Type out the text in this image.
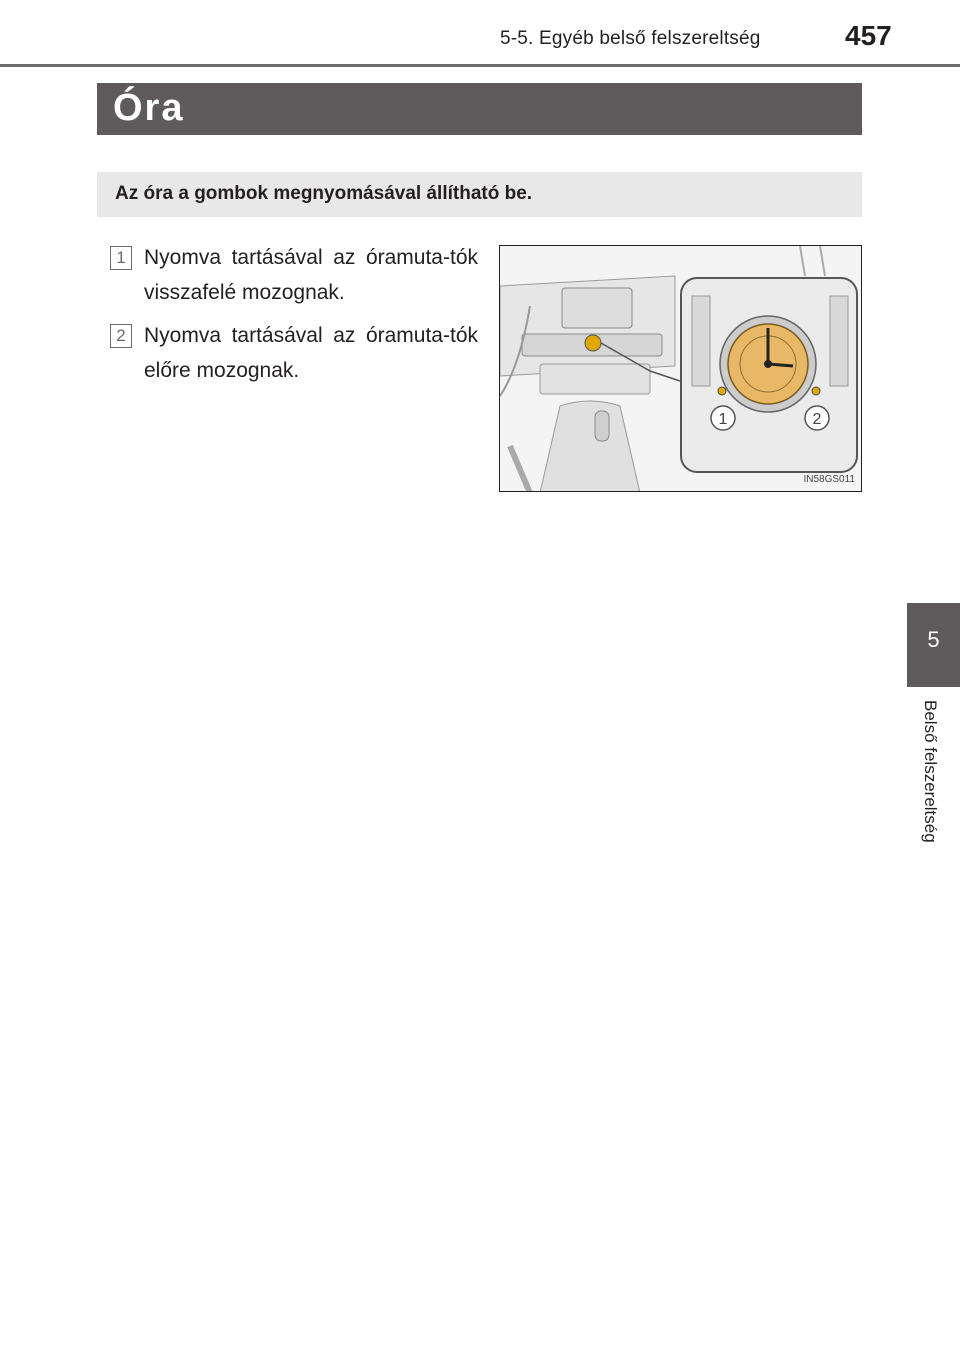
5-5. Egyéb belső felszereltség	457
Óra
Az óra a gombok megnyomásával állítható be.
1 Nyomva tartásával az óramuta-tók visszafelé mozognak.
2 Nyomva tartásával az óramuta-tók előre mozognak.
1	2
IN58GS011
5
Belső felszereltség
